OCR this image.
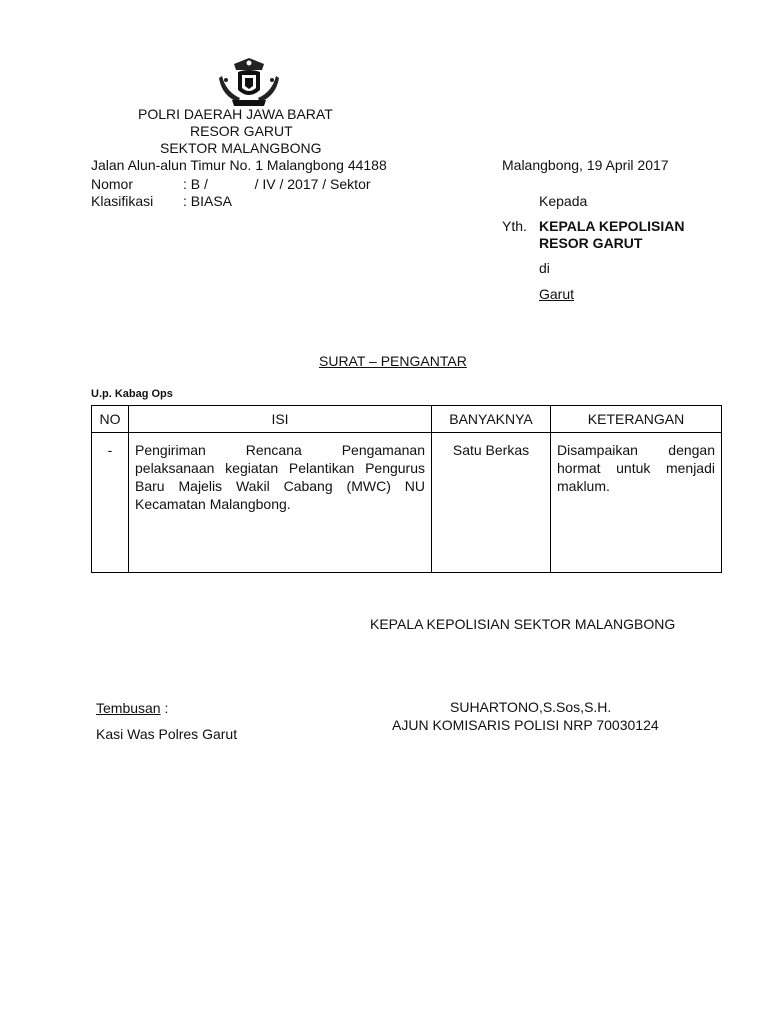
POLRI DAERAH JAWA BARAT
RESOR GARUT
SEKTOR MALANGBONG
Jalan Alun-alun Timur No. 1 Malangbong 44188	Malangbong, 19 April 2017
Nomor	: B /            / IV / 2017 / Sektor
Klasifikasi : BIASA	Kepada
Yth. KEPALA KEPOLISIAN
RESOR GARUT
di
Garut
SURAT – PENGANTAR
U.p. Kabag Ops
NO	ISI	BANYAKNYA	KETERANGAN
-	Pengiriman Rencana Pengamanan pelaksanaan kegiatan Pelantikan Pengurus Baru Majelis Wakil Cabang (MWC) NU Kecamatan Malangbong.	Satu Berkas	Disampaikan dengan hormat untuk menjadi maklum.
KEPALA KEPOLISIAN SEKTOR MALANGBONG
SUHARTONO,S.Sos,S.H.
AJUN KOMISARIS POLISI NRP 70030124
Tembusan :
Kasi Was Polres Garut
